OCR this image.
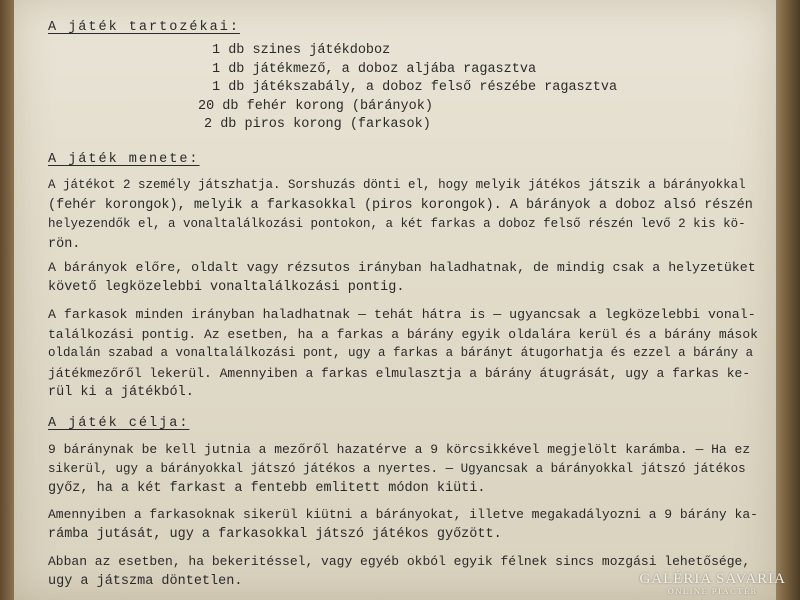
A játék tartozékai:
1 db szines játékdoboz
1 db játékmező, a doboz aljába ragasztva
1 db játékszabály, a doboz felső részébe ragasztva
20 db fehér korong (bárányok)
2 db piros korong (farkasok)
A játék menete:
A játékot 2 személy játszhatja. Sorshuzás dönti el, hogy melyik játékos játszik a bárányokkal
(fehér korongok), melyik a farkasokkal (piros korongok). A bárányok a doboz alsó részén
helyezendők el, a vonaltalálkozási pontokon, a két farkas a doboz felső részén levő 2 kis kö-
rön.
A bárányok előre, oldalt vagy rézsutos irányban haladhatnak, de mindig csak a helyzetüket
követő legközelebbi vonaltalálkozási pontig.
A farkasok minden irányban haladhatnak — tehát hátra is — ugyancsak a legközelebbi vonal-
találkozási pontig. Az esetben, ha a farkas a bárány egyik oldalára kerül és a bárány mások
oldalán szabad a vonaltalálkozási pont, ugy a farkas a bárányt átugorhatja és ezzel a bárány a
játékmezőről lekerül. Amennyiben a farkas elmulasztja a bárány átugrását, ugy a farkas ke-
rül ki a játékból.
A játék célja:
9 báránynak be kell jutnia a mezőről hazatérve a 9 körcsikkével megjelölt karámba. — Ha ez
sikerül, ugy a bárányokkal játszó játékos a nyertes. — Ugyancsak a bárányokkal játszó játékos
győz, ha a két farkast a fentebb emlitett módon kiüti.
Amennyiben a farkasoknak sikerül kiütni a bárányokat, illetve megakadályozni a 9 bárány ka-
rámba jutását, ugy a farkasokkal játszó játékos győzött.
Abban az esetben, ha bekeritéssel, vagy egyéb okból egyik félnek sincs mozgási lehetősége,
ugy a játszma döntetlen.	GALÉRIA SAVARIA
ONLINE PIACTÉR
